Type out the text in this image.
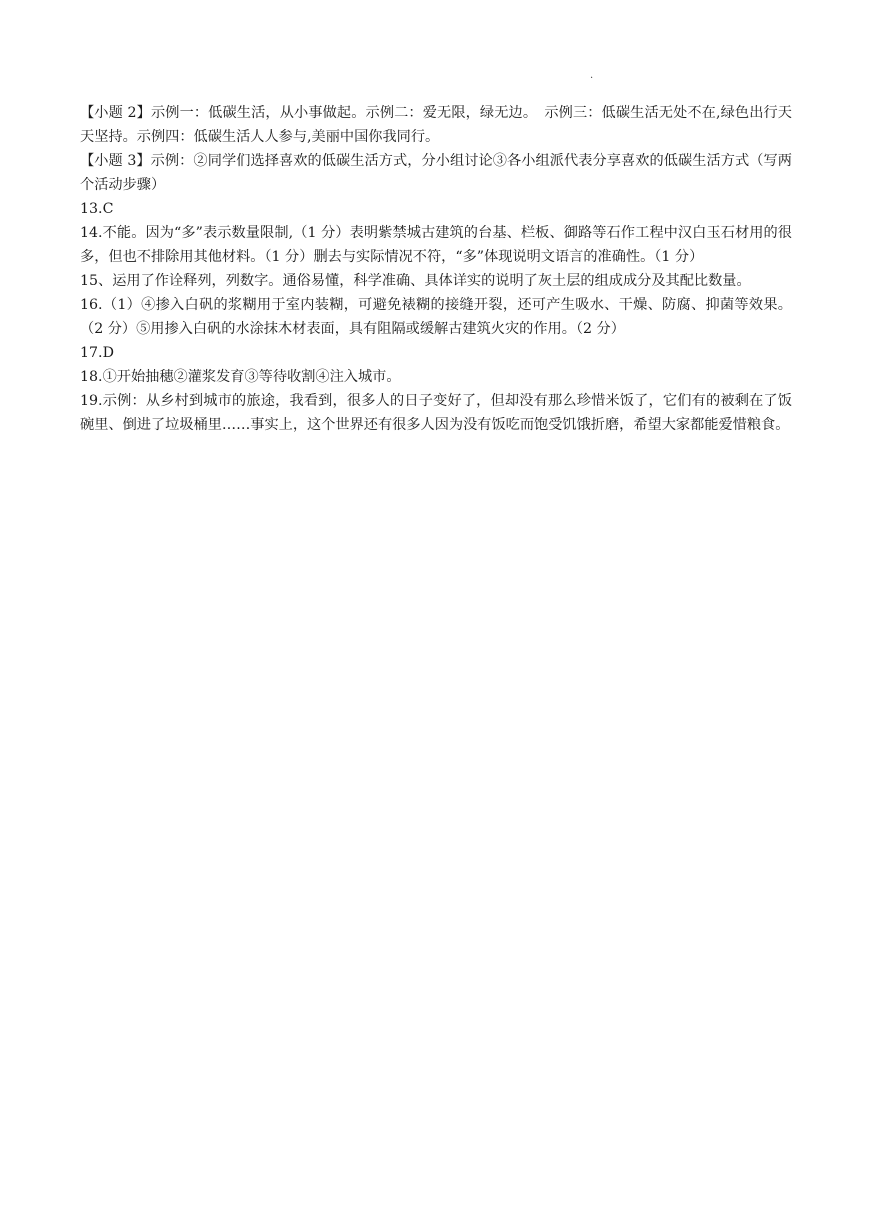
.

【小题 2】示例一：低碳生活，从小事做起。示例二：爱无限，绿无边。　示例三：低碳生活无处不在,绿色出行天天坚持。示例四：低碳生活人人参与,美丽中国你我同行。

【小题 3】示例：②同学们选择喜欢的低碳生活方式，分小组讨论③各小组派代表分享喜欢的低碳生活方式（写两个活动步骤）

13.C

14.不能。因为“多”表示数量限制,（1 分）表明紫禁城古建筑的台基、栏板、御路等石作工程中汉白玉石材用的很多，但也不排除用其他材料。（1 分）删去与实际情况不符，“多”体现说明文语言的准确性。（1 分）

15、运用了作诠释列，列数字。通俗易懂，科学准确、具体详实的说明了灰土层的组成成分及其配比数量。

16.（1）④掺入白矾的浆糊用于室内装糊，可避免裱糊的接缝开裂，还可产生吸水、干燥、防腐、抑菌等效果。（2 分）⑤用掺入白矾的水涂抹木材表面，具有阻隔或缓解古建筑火灾的作用。（2 分）

17.D

18.①开始抽穗②灌浆发育③等待收割④注入城市。

19.示例：从乡村到城市的旅途，我看到，很多人的日子变好了，但却没有那么珍惜米饭了，它们有的被剩在了饭碗里、倒进了垃圾桶里……事实上，这个世界还有很多人因为没有饭吃而饱受饥饿折磨，希望大家都能爱惜粮食。
